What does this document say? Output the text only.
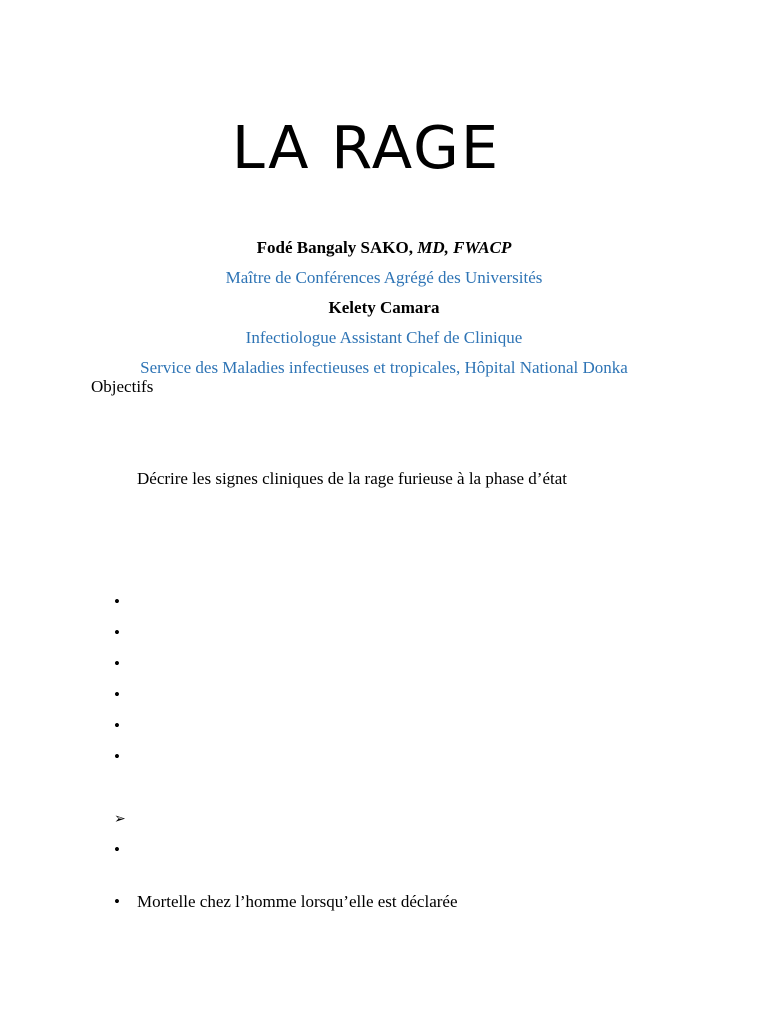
LA RAGE
Fodé Bangaly SAKO, MD, FWACP
Maître de Conférences Agrégé des Universités
Kelety Camara
Infectiologue Assistant Chef de Clinique
Service des Maladies infectieuses et tropicales, Hôpital National Donka
Objectifs
Décrire les signes cliniques de la rage furieuse à la phase d’état
•
•
•
•
•
•
➢
•
• Mortelle chez l’homme lorsqu’elle est déclarée
